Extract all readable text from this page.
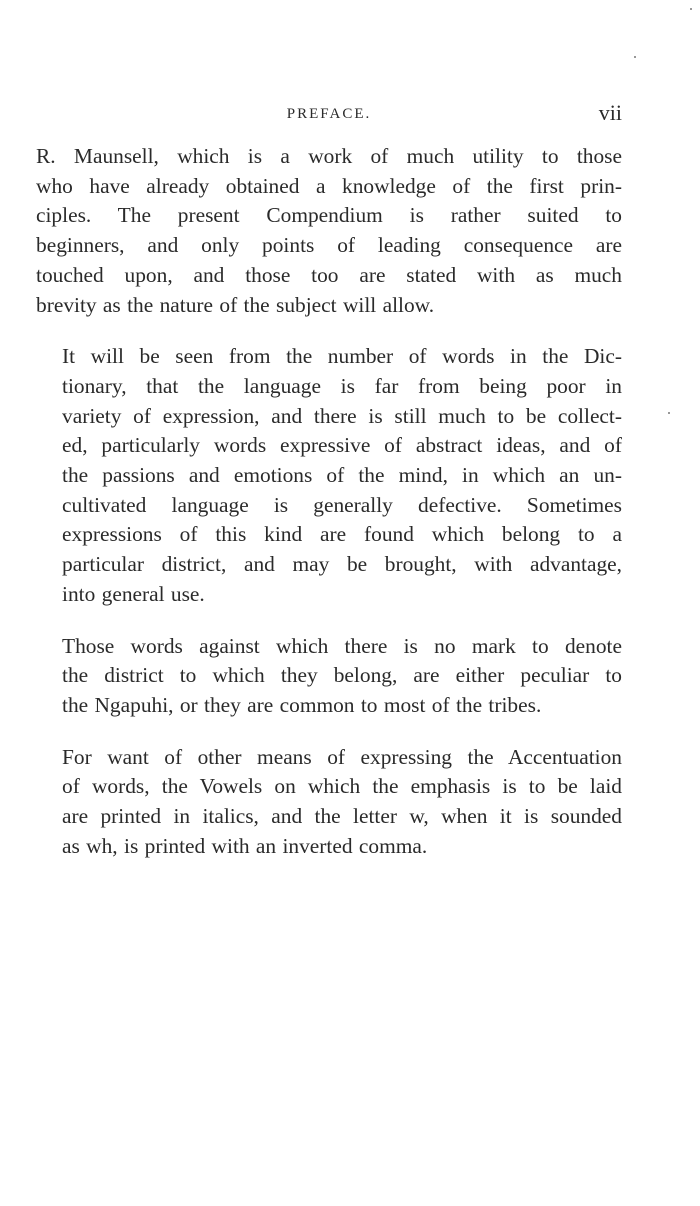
PREFACE.	vii

R. Maunsell, which is a work of much utility to those
who have already obtained a knowledge of the first prin-
ciples. The present Compendium is rather suited to
beginners, and only points of leading consequence are
touched upon, and those too are stated with as much
brevity as the nature of the subject will allow.

It will be seen from the number of words in the Dic-
tionary, that the language is far from being poor in
variety of expression, and there is still much to be collect-
ed, particularly words expressive of abstract ideas, and of
the passions and emotions of the mind, in which an un-
cultivated language is generally defective. Sometimes
expressions of this kind are found which belong to a
particular district, and may be brought, with advantage,
into general use.

Those words against which there is no mark to denote
the district to which they belong, are either peculiar to
the Ngapuhi, or they are common to most of the tribes.

For want of other means of expressing the Accentuation
of words, the Vowels on which the emphasis is to be laid
are printed in italics, and the letter w, when it is sounded
as wh, is printed with an inverted comma.
